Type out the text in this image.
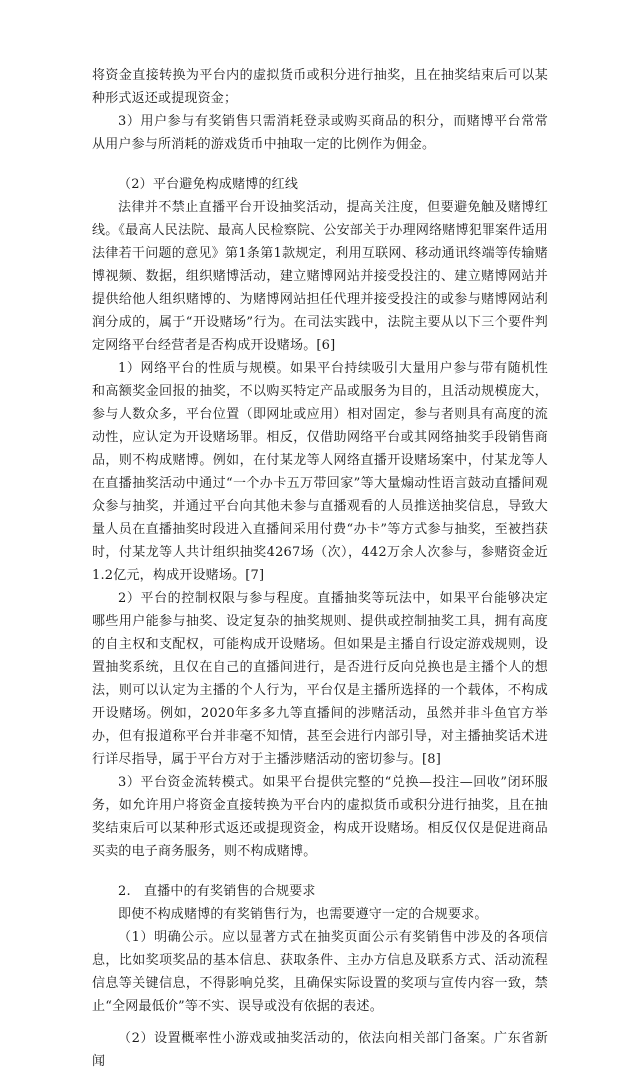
将资金直接转换为平台内的虚拟货币或积分进行抽奖，且在抽奖结束后可以某种形式返还或提现资金；

3）用户参与有奖销售只需消耗登录或购买商品的积分，而赌博平台常常从用户参与所消耗的游戏货币中抽取一定的比例作为佣金。

（2）平台避免构成赌博的红线

法律并不禁止直播平台开设抽奖活动，提高关注度，但要避免触及赌博红线。《最高人民法院、最高人民检察院、公安部关于办理网络赌博犯罪案件适用法律若干问题的意见》第1条第1款规定，利用互联网、移动通讯终端等传输赌博视频、数据，组织赌博活动，建立赌博网站并接受投注的、建立赌博网站并提供给他人组织赌博的、为赌博网站担任代理并接受投注的或参与赌博网站利润分成的，属于“开设赌场”行为。在司法实践中，法院主要从以下三个要件判定网络平台经营者是否构成开设赌场。[6]

1）网络平台的性质与规模。如果平台持续吸引大量用户参与带有随机性和高额奖金回报的抽奖，不以购买特定产品或服务为目的，且活动规模庞大，参与人数众多，平台位置（即网址或应用）相对固定，参与者则具有高度的流动性，应认定为开设赌场罪。相反，仅借助网络平台或其网络抽奖手段销售商品，则不构成赌博。例如，在付某龙等人网络直播开设赌场案中，付某龙等人在直播抽奖活动中通过“一个办卡五万带回家”等大量煽动性语言鼓动直播间观众参与抽奖，并通过平台向其他未参与直播观看的人员推送抽奖信息，导致大量人员在直播抽奖时段进入直播间采用付费“办卡”等方式参与抽奖，至被挡获时，付某龙等人共计组织抽奖4267场（次），442万余人次参与，参赌资金近1.2亿元，构成开设赌场。[7]

2）平台的控制权限与参与程度。直播抽奖等玩法中，如果平台能够决定哪些用户能参与抽奖、设定复杂的抽奖规则、提供或控制抽奖工具，拥有高度的自主权和支配权，可能构成开设赌场。但如果是主播自行设定游戏规则，设置抽奖系统，且仅在自己的直播间进行，是否进行反向兑换也是主播个人的想法，则可以认定为主播的个人行为，平台仅是主播所选择的一个载体，不构成开设赌场。例如，2020年多多九等直播间的涉赌活动，虽然并非斗鱼官方举办，但有报道称平台并非毫不知情，甚至会进行内部引导，对主播抽奖话术进行详尽指导，属于平台方对于主播涉赌活动的密切参与。[8]

3）平台资金流转模式。如果平台提供完整的“兑换—投注—回收”闭环服务，如允许用户将资金直接转换为平台内的虚拟货币或积分进行抽奖，且在抽奖结束后可以某种形式返还或提现资金，构成开设赌场。相反仅仅是促进商品买卖的电子商务服务，则不构成赌博。

2.　直播中的有奖销售的合规要求

即使不构成赌博的有奖销售行为，也需要遵守一定的合规要求。

（1）明确公示。应以显著方式在抽奖页面公示有奖销售中涉及的各项信息，比如奖项奖品的基本信息、获取条件、主办方信息及联系方式、活动流程信息等关键信息，不得影响兑奖，且确保实际设置的奖项与宣传内容一致，禁止“全网最低价”等不实、误导或没有依据的表述。

（2）设置概率性小游戏或抽奖活动的，依法向相关部门备案。广东省新闻
